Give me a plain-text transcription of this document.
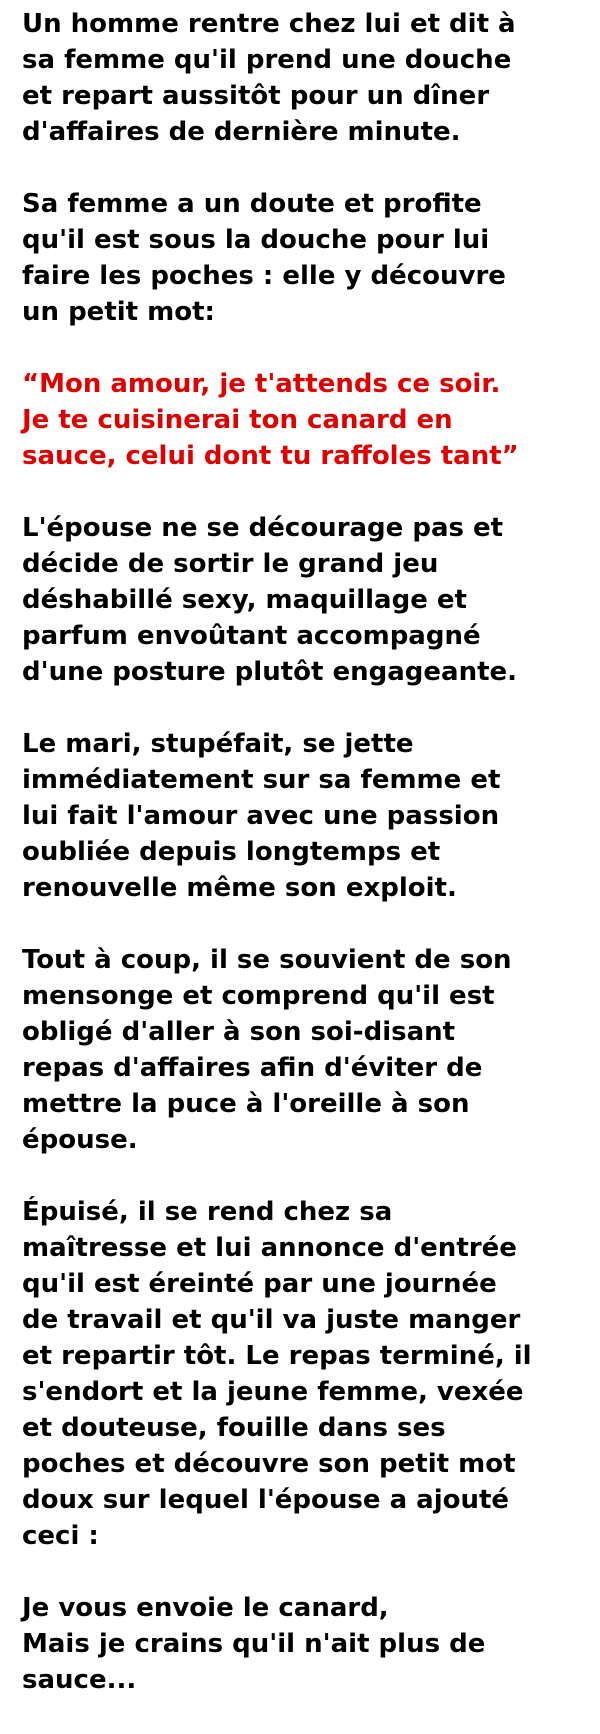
Un homme rentre chez lui et dit à
sa femme qu'il prend une douche
et repart aussitôt pour un dîner
d'affaires de dernière minute.

Sa femme a un doute et profite
qu'il est sous la douche pour lui
faire les poches : elle y découvre
un petit mot:

“Mon amour, je t'attends ce soir.
Je te cuisinerai ton canard en
sauce, celui dont tu raffoles tant”

L'épouse ne se décourage pas et
décide de sortir le grand jeu
déshabillé sexy, maquillage et
parfum envoûtant accompagné
d'une posture plutôt engageante.

Le mari, stupéfait, se jette
immédiatement sur sa femme et
lui fait l'amour avec une passion
oubliée depuis longtemps et
renouvelle même son exploit.

Tout à coup, il se souvient de son
mensonge et comprend qu'il est
obligé d'aller à son soi-disant
repas d'affaires afin d'éviter de
mettre la puce à l'oreille à son
épouse.

Épuisé, il se rend chez sa
maîtresse et lui annonce d'entrée
qu'il est éreinté par une journée
de travail et qu'il va juste manger
et repartir tôt. Le repas terminé, il
s'endort et la jeune femme, vexée
et douteuse, fouille dans ses
poches et découvre son petit mot
doux sur lequel l'épouse a ajouté
ceci :

Je vous envoie le canard,
Mais je crains qu'il n'ait plus de
sauce...
